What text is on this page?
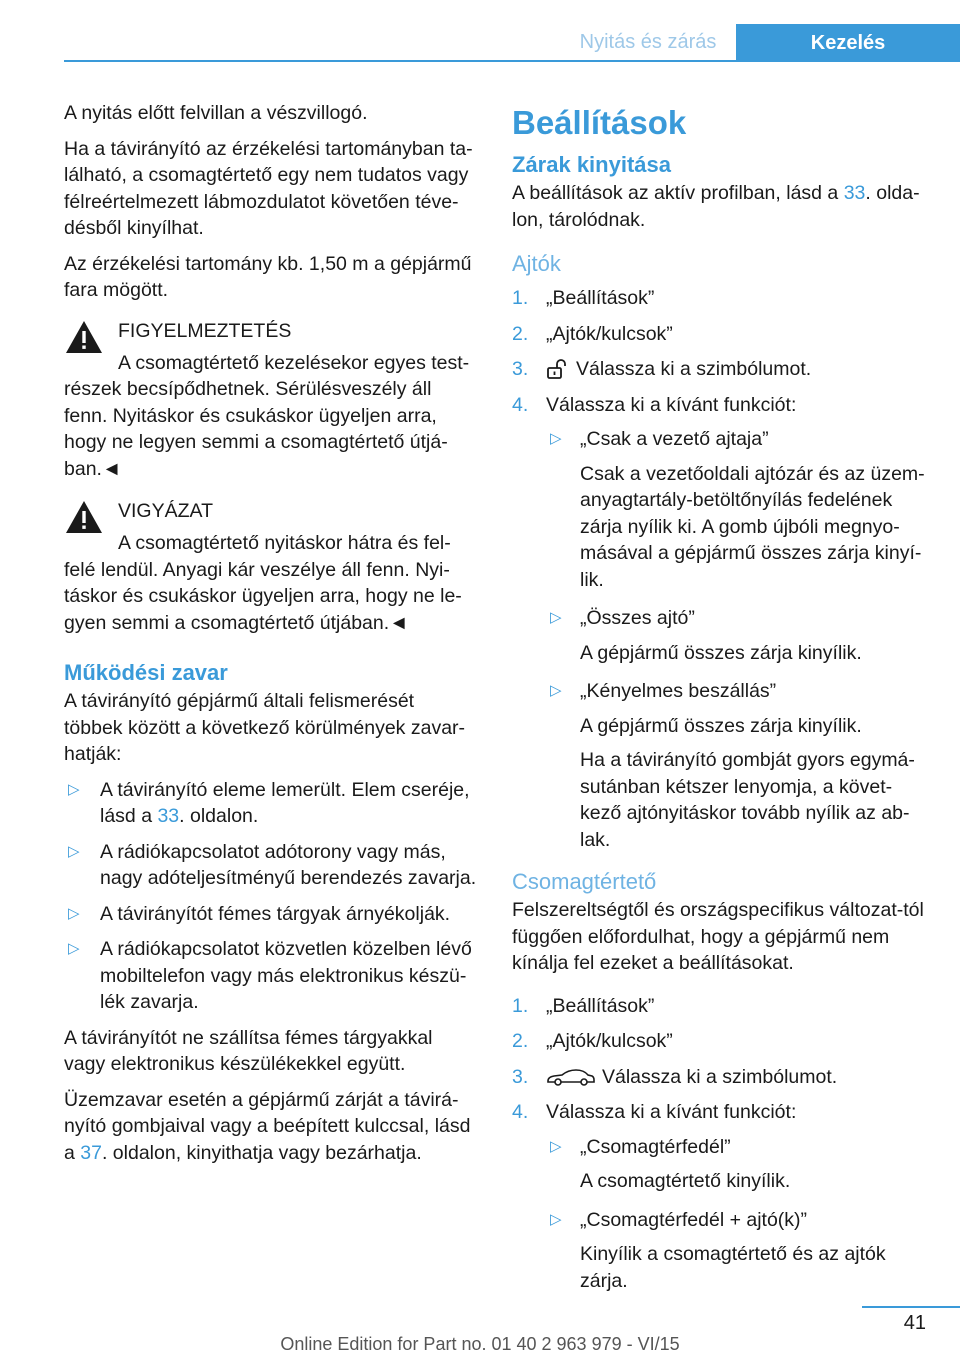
Nyitás és zárás	Kezelés

A nyitás előtt felvillan a vészvillogó.

Ha a távirányító az érzékelési tartományban ta-lálható, a csomagtértető egy nem tudatos vagy félreértelmezett lábmozdulatot követően téve-désből kinyílhat.

Az érzékelési tartomány kb. 1,50 m a gépjármű fara mögött.

FIGYELMEZTETÉS

A csomagtértető kezelésekor egyes test-részek becsípődhetnek. Sérülésveszély áll fenn. Nyitáskor és csukáskor ügyeljen arra, hogy ne legyen semmi a csomagtértető útjá-ban.◄

VIGYÁZAT

A csomagtértető nyitáskor hátra és fel-felé lendül. Anyagi kár veszélye áll fenn. Nyi-táskor és csukáskor ügyeljen arra, hogy ne le-gyen semmi a csomagtértető útjában.◄

Működési zavar

A távirányító gépjármű általi felismerését többek között a következő körülmények zavar-hatják:

▷ A távirányító eleme lemerült. Elem cseréje, lásd a 33. oldalon.
▷ A rádiókapcsolatot adótorony vagy más, nagy adóteljesítményű berendezés zavarja.
▷ A távirányítót fémes tárgyak árnyékolják.
▷ A rádiókapcsolatot közvetlen közelben lévő mobiltelefon vagy más elektronikus készü-lék zavarja.

A távirányítót ne szállítsa fémes tárgyakkal vagy elektronikus készülékekkel együtt.

Üzemzavar esetén a gépjármű zárját a távirá-nyító gombjaival vagy a beépített kulccsal, lásd a 37. oldalon, kinyithatja vagy bezárhatja.

Beállítások
Zárak kinyitása

A beállítások az aktív profilban, lásd a 33. olda-lon, tárolódnak.

Ajtók
1. „Beállítások”
2. „Ajtók/kulcsok”
3. Válassza ki a szimbólumot.
4. Válassza ki a kívánt funkciót:
▷ „Csak a vezető ajtaja”

Csak a vezetőoldali ajtózár és az üzem-anyagtartály-betöltőnyílás fedelének zárja nyílik ki. A gomb újbóli megnyo-másával a gépjármű összes zárja kinyí-lik.

▷ „Összes ajtó”

A gépjármű összes zárja kinyílik.

▷ „Kényelmes beszállás”

A gépjármű összes zárja kinyílik.

Ha a távirányító gombját gyors egymá-sutánban kétszer lenyomja, a követ-kező ajtónyitáskor tovább nyílik az ab-lak.

Csomagtértető

Felszereltségtől és országspecifikus változat-tól függően előfordulhat, hogy a gépjármű nem kínálja fel ezeket a beállításokat.

1. „Beállítások”
2. „Ajtók/kulcsok”
3.	Válassza ki a szimbólumot.
4. Válassza ki a kívánt funkciót:
▷ „Csomagtérfedél”

A csomagtértető kinyílik.

▷ „Csomagtérfedél + ajtó(k)”

Kinyílik a csomagtértető és az ajtók zárja.

41
Online Edition for Part no. 01 40 2 963 979 - VI/15
